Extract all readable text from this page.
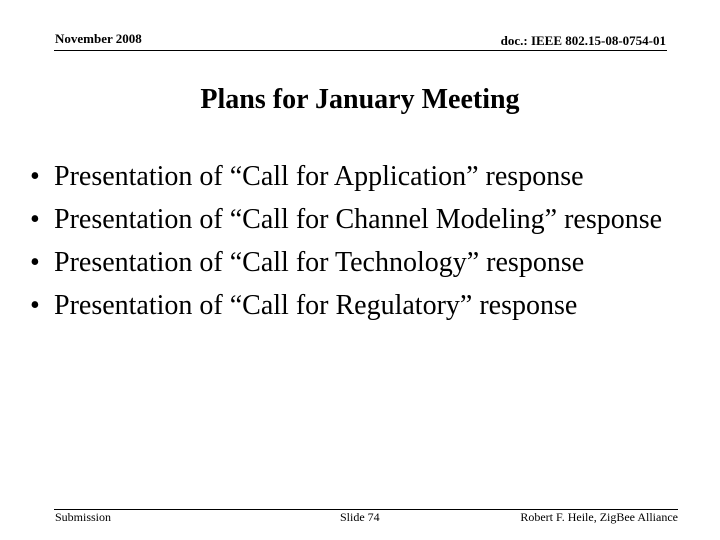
November 2008	doc.: IEEE 802.15-08-0754-01
Plans for January Meeting
• Presentation of “Call for Application” response
• Presentation of “Call for Channel Modeling” response
• Presentation of “Call for Technology” response
• Presentation of “Call for Regulatory” response
Submission	Slide 74	Robert F. Heile, ZigBee Alliance
